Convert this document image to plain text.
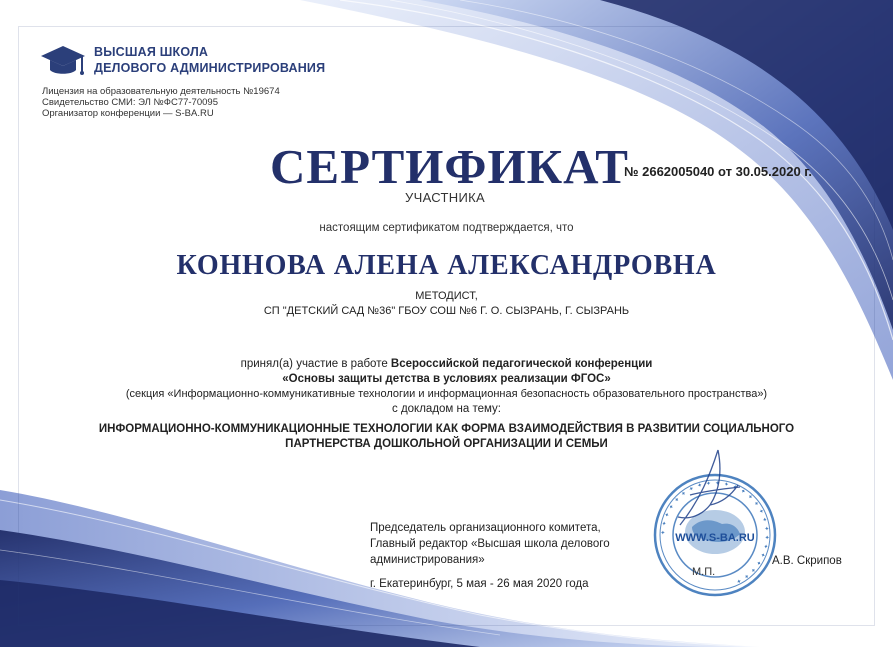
ВЫСШАЯ ШКОЛА
ДЕЛОВОГО АДМИНИСТРИРОВАНИЯ
Лицензия на образовательную деятельность №19674
Свидетельство СМИ: ЭЛ №ФС77-70095
Организатор конференции — S-BA.RU
СЕРТИФИКАТ
№ 2662005040 от 30.05.2020 г.
УЧАСТНИКА
настоящим сертификатом подтверждается, что
КОННОВА АЛЕНА АЛЕКСАНДРОВНА
МЕТОДИСТ,
СП "ДЕТСКИЙ САД №36" ГБОУ СОШ №6 Г. О. СЫЗРАНЬ, Г. СЫЗРАНЬ
принял(а) участие в работе Всероссийской педагогической конференции
«Основы защиты детства в условиях реализации ФГОС»
(секция «Информационно-коммуникативные технологии и информационная безопасность образовательного пространства»)
с докладом на тему:
ИНФОРМАЦИОННО-КОММУНИКАЦИОННЫЕ ТЕХНОЛОГИИ КАК ФОРМА ВЗАИМОДЕЙСТВИЯ В РАЗВИТИИ СОЦИАЛЬНОГО
ПАРТНЕРСТВА ДОШКОЛЬНОЙ ОРГАНИЗАЦИИ И СЕМЬИ
Председатель организационного комитета,
Главный редактор «Высшая школа делового
администрирования»
г. Екатеринбург, 5 мая - 26 мая 2020 года
✦ ✦ ✦ ✦ ✦ ✦ ✦ ✦ ✦ ✦ ✦ ✦ ✦ ✦ ✦ ✦ ✦ ✦ ✦ ✦ ✦ ✦ ✦ ✦ ✦
WWW.S-BA.RU
М.П.
А.В. Скрипов
